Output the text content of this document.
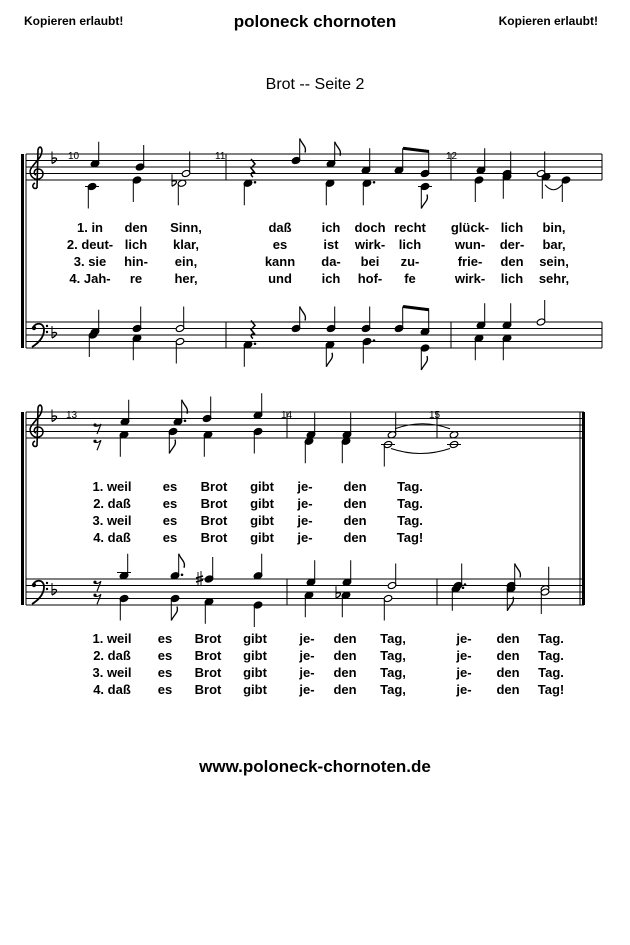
Kopieren erlaubt!	poloneck chornoten	Kopieren erlaubt!
Brot -- Seite 2
10	11	12
1. in den Sinn,	daß ich doch recht glück- lich bin,
2. deut- lich klar,	es	ist wirk- lich	wun- der- bar,
3. sie hin- ein,	kann da- bei zu-	frie- den sein,
4. Jah- re her,	und ich hof- fe	wirk- lich sehr,
13	14	15
1. weil es Brot gibt je- den Tag.
2. daß es Brot gibt je- den Tag.
3. weil es Brot gibt je- den Tag.
4. daß es Brot gibt je- den Tag!
1. weil es Brot gibt	je- den Tag,	je- den Tag.
2. daß es Brot gibt	je- den Tag,	je- den Tag.
3. weil es Brot gibt	je- den Tag,	je- den Tag.
4. daß es Brot gibt	je- den Tag,	je- den Tag!
www.poloneck-chornoten.de
